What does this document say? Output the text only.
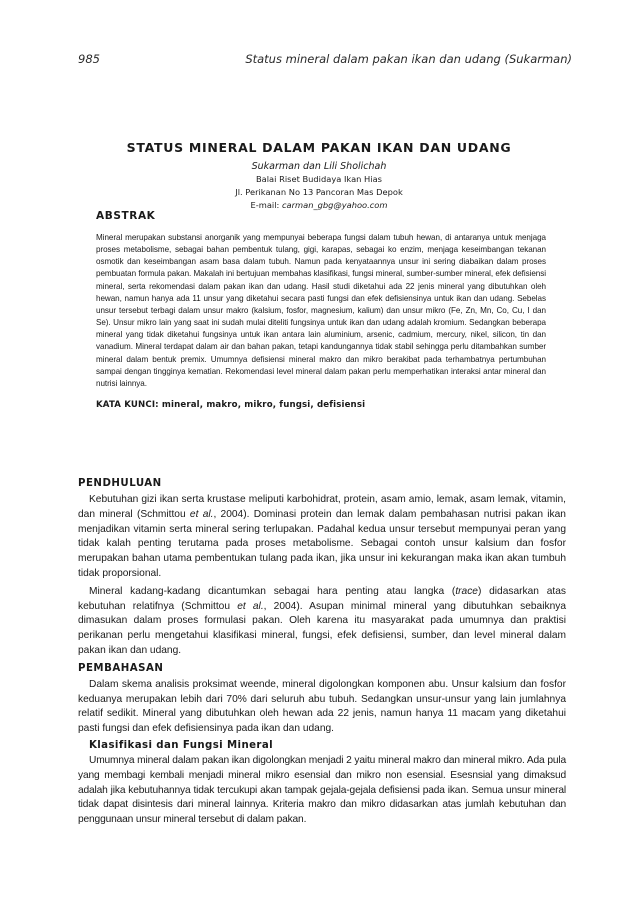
985	Status mineral dalam pakan ikan dan udang (Sukarman)
STATUS MINERAL DALAM PAKAN IKAN DAN UDANG
Sukarman dan Lili Sholichah
Balai Riset Budidaya Ikan Hias
Jl. Perikanan No 13 Pancoran Mas Depok
E-mail: carman_gbg@yahoo.com
ABSTRAK

Mineral merupakan substansi anorganik yang mempunyai beberapa fungsi dalam tubuh hewan, di antaranya untuk menjaga proses metabolisme, sebagai bahan pembentuk tulang, gigi, karapas, sebagai ko enzim, menjaga keseimbangan tekanan osmotik dan keseimbangan asam basa dalam tubuh. Namun pada kenyataannya unsur ini sering diabaikan dalam proses pembuatan formula pakan. Makalah ini bertujuan membahas klasifikasi, fungsi mineral, sumber-sumber mineral, efek defisiensi mineral, serta rekomendasi dalam pakan ikan dan udang. Hasil studi diketahui ada 22 jenis mineral yang dibutuhkan oleh hewan, namun hanya ada 11 unsur yang diketahui secara pasti fungsi dan efek defisiensinya untuk ikan dan udang. Sebelas unsur tersebut terbagi dalam unsur makro (kalsium, fosfor, magnesium, kalium) dan unsur mikro (Fe, Zn, Mn, Co, Cu, I dan Se). Unsur mikro lain yang saat ini sudah mulai diteliti fungsinya untuk ikan dan udang adalah kromium. Sedangkan beberapa mineral yang tidak diketahui fungsinya untuk ikan antara lain aluminium, arsenic, cadmium, mercury, nikel, silicon, tin dan vanadium. Mineral terdapat dalam air dan bahan pakan, tetapi kandungannya tidak stabil sehingga perlu ditambahkan sumber mineral dalam bentuk premix. Umumnya defisiensi mineral makro dan mikro berakibat pada terhambatnya pertumbuhan sampai dengan tingginya kematian. Rekomendasi level mineral dalam pakan perlu memperhatikan interaksi antar mineral dan nutrisi lainnya.

KATA KUNCI: mineral, makro, mikro, fungsi, defisiensi
PENDHULUAN

Kebutuhan gizi ikan serta krustase meliputi karbohidrat, protein, asam amio, lemak, asam lemak, vitamin, dan mineral (Schmittou et al., 2004). Dominasi protein dan lemak dalam pembahasan nutrisi pakan ikan menjadikan vitamin serta mineral sering terlupakan. Padahal kedua unsur tersebut mempunyai peran yang tidak kalah penting terutama pada proses metabolisme. Sebagai contoh unsur kalsium dan fosfor merupakan bahan utama pembentukan tulang pada ikan, jika unsur ini kekurangan maka ikan akan tumbuh tidak proporsional.

Mineral kadang-kadang dicantumkan sebagai hara penting atau langka (trace) didasarkan atas kebutuhan relatifnya (Schmittou et al., 2004). Asupan minimal mineral yang dibutuhkan sebaiknya dimasukan dalam proses formulasi pakan. Oleh karena itu masyarakat pada umumnya dan praktisi perikanan perlu mengetahui klasifikasi mineral, fungsi, efek defisiensi, sumber, dan level mineral dalam pakan ikan dan udang.

PEMBAHASAN

Dalam skema analisis proksimat weende, mineral digolongkan komponen abu. Unsur kalsium dan fosfor keduanya merupakan lebih dari 70% dari seluruh abu tubuh. Sedangkan unsur-unsur yang lain jumlahnya relatif sedikit. Mineral yang dibutuhkan oleh hewan ada 22 jenis, namun hanya 11 macam yang diketahui pasti fungsi dan efek defisiensinya pada ikan dan udang.

Klasifikasi dan Fungsi Mineral

Umumnya mineral dalam pakan ikan digolongkan menjadi 2 yaitu mineral makro dan mineral mikro. Ada pula yang membagi kembali menjadi mineral mikro esensial dan mikro non esensial. Esesnsial yang dimaksud adalah jika kebutuhannya tidak tercukupi akan tampak gejala-gejala defisiensi pada ikan. Semua unsur mineral tidak dapat disintesis dari mineral lainnya. Kriteria makro dan mikro didasarkan atas jumlah kebutuhan dan penggunaan unsur mineral tersebut di dalam pakan.
